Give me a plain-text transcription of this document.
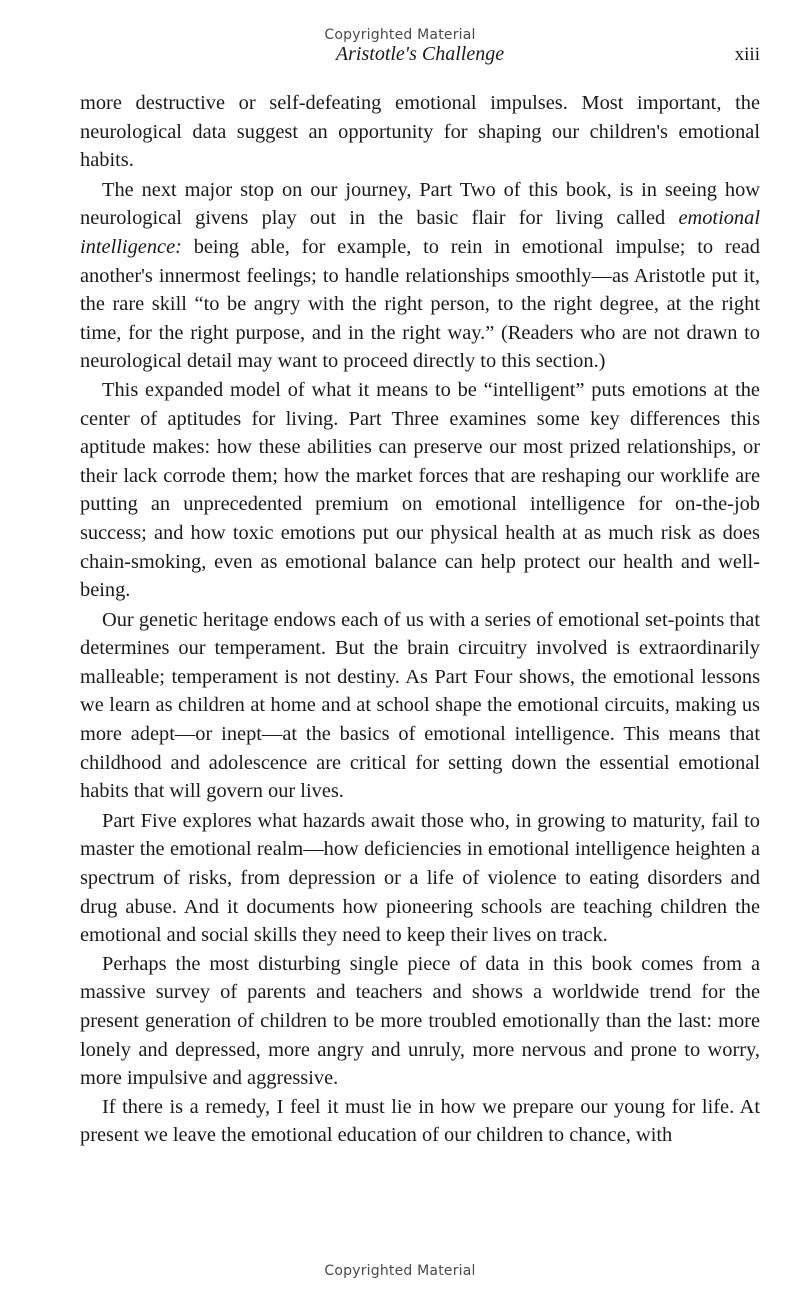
Copyrighted Material
Aristotle's Challenge	xiii

more destructive or self-defeating emotional impulses. Most important, the neurological data suggest an opportunity for shaping our children's emotional habits.

The next major stop on our journey, Part Two of this book, is in seeing how neurological givens play out in the basic flair for living called emotional intelligence: being able, for example, to rein in emotional impulse; to read another's innermost feelings; to handle relationships smoothly—as Aristotle put it, the rare skill “to be angry with the right person, to the right degree, at the right time, for the right purpose, and in the right way.” (Readers who are not drawn to neurological detail may want to proceed directly to this section.)

This expanded model of what it means to be “intelligent” puts emotions at the center of aptitudes for living. Part Three examines some key differences this aptitude makes: how these abilities can preserve our most prized relationships, or their lack corrode them; how the market forces that are reshaping our worklife are putting an unprecedented premium on emotional intelligence for on-the-job success; and how toxic emotions put our physical health at as much risk as does chain-smoking, even as emotional balance can help protect our health and well-being.

Our genetic heritage endows each of us with a series of emotional set-points that determines our temperament. But the brain circuitry involved is extraordinarily malleable; temperament is not destiny. As Part Four shows, the emotional lessons we learn as children at home and at school shape the emotional circuits, making us more adept—or inept—at the basics of emotional intelligence. This means that childhood and adolescence are critical for setting down the essential emotional habits that will govern our lives.

Part Five explores what hazards await those who, in growing to maturity, fail to master the emotional realm—how deficiencies in emotional intelligence heighten a spectrum of risks, from depression or a life of violence to eating disorders and drug abuse. And it documents how pioneering schools are teaching children the emotional and social skills they need to keep their lives on track.

Perhaps the most disturbing single piece of data in this book comes from a massive survey of parents and teachers and shows a worldwide trend for the present generation of children to be more troubled emotionally than the last: more lonely and depressed, more angry and unruly, more nervous and prone to worry, more impulsive and aggressive.

If there is a remedy, I feel it must lie in how we prepare our young for life. At present we leave the emotional education of our children to chance, with

Copyrighted Material
